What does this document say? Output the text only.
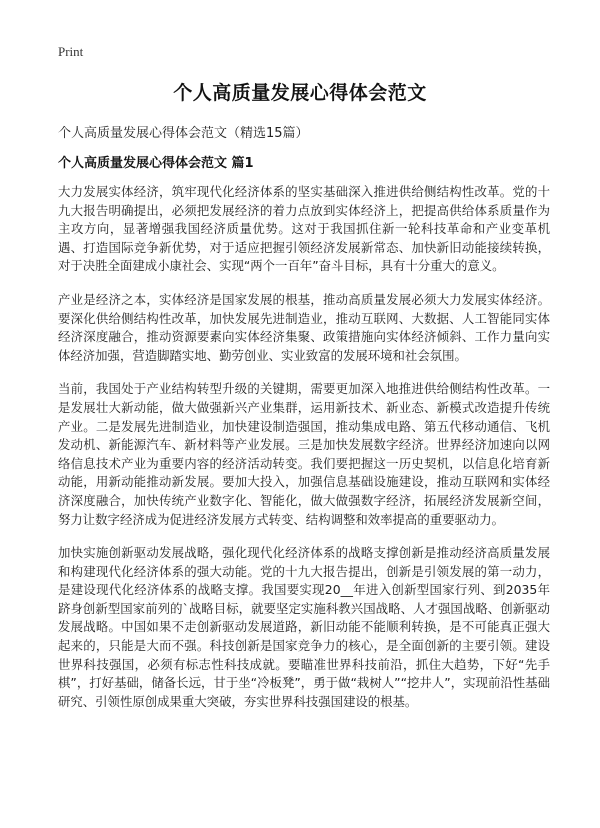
Print
个人高质量发展心得体会范文
个人高质量发展心得体会范文（精选15篇）
个人高质量发展心得体会范文 篇1

大力发展实体经济，筑牢现代化经济体系的坚实基础深入推进供给侧结构性改革。党的十九大报告明确提出，必须把发展经济的着力点放到实体经济上，把提高供给体系质量作为主攻方向，显著增强我国经济质量优势。这对于我国抓住新一轮科技革命和产业变革机遇、打造国际竞争新优势，对于适应把握引领经济发展新常态、加快新旧动能接续转换，对于决胜全面建成小康社会、实现“两个一百年”奋斗目标，具有十分重大的意义。

产业是经济之本，实体经济是国家发展的根基，推动高质量发展必须大力发展实体经济。要深化供给侧结构性改革，加快发展先进制造业，推动互联网、大数据、人工智能同实体经济深度融合，推动资源要素向实体经济集聚、政策措施向实体经济倾斜、工作力量向实体经济加强，营造脚踏实地、勤劳创业、实业致富的发展环境和社会氛围。

当前，我国处于产业结构转型升级的关键期，需要更加深入地推进供给侧结构性改革。一是发展壮大新动能，做大做强新兴产业集群，运用新技术、新业态、新模式改造提升传统产业。二是发展先进制造业，加快建设制造强国，推动集成电路、第五代移动通信、飞机发动机、新能源汽车、新材料等产业发展。三是加快发展数字经济。世界经济加速向以网络信息技术产业为重要内容的经济活动转变。我们要把握这一历史契机，以信息化培育新动能，用新动能推动新发展。要加大投入，加强信息基础设施建设，推动互联网和实体经济深度融合，加快传统产业数字化、智能化，做大做强数字经济，拓展经济发展新空间，努力让数字经济成为促进经济发展方式转变、结构调整和效率提高的重要驱动力。

加快实施创新驱动发展战略，强化现代化经济体系的战略支撑创新是推动经济高质量发展和构建现代化经济体系的强大动能。党的十九大报告提出，创新是引领发展的第一动力，是建设现代化经济体系的战略支撑。我国要实现20__年进入创新型国家行列、到2035年跻身创新型国家前列的`战略目标，就要坚定实施科教兴国战略、人才强国战略、创新驱动发展战略。中国如果不走创新驱动发展道路，新旧动能不能顺利转换，是不可能真正强大起来的，只能是大而不强。科技创新是国家竞争力的核心，是全面创新的主要引领。建设世界科技强国，必须有标志性科技成就。要瞄准世界科技前沿，抓住大趋势，下好“先手棋”，打好基础，储备长远，甘于坐“冷板凳”，勇于做“栽树人”“挖井人”，实现前沿性基础研究、引领性原创成果重大突破，夯实世界科技强国建设的根基。
